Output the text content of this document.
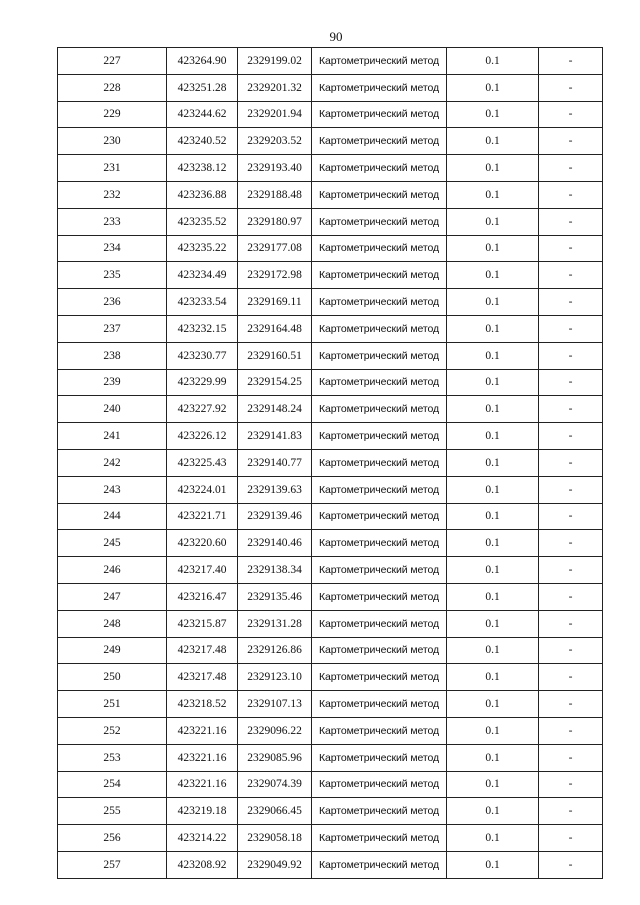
90
227	423264.90	2329199.02	Картометрический метод	0.1	-
228	423251.28	2329201.32	Картометрический метод	0.1	-
229	423244.62	2329201.94	Картометрический метод	0.1	-
230	423240.52	2329203.52	Картометрический метод	0.1	-
231	423238.12	2329193.40	Картометрический метод	0.1	-
232	423236.88	2329188.48	Картометрический метод	0.1	-
233	423235.52	2329180.97	Картометрический метод	0.1	-
234	423235.22	2329177.08	Картометрический метод	0.1	-
235	423234.49	2329172.98	Картометрический метод	0.1	-
236	423233.54	2329169.11	Картометрический метод	0.1	-
237	423232.15	2329164.48	Картометрический метод	0.1	-
238	423230.77	2329160.51	Картометрический метод	0.1	-
239	423229.99	2329154.25	Картометрический метод	0.1	-
240	423227.92	2329148.24	Картометрический метод	0.1	-
241	423226.12	2329141.83	Картометрический метод	0.1	-
242	423225.43	2329140.77	Картометрический метод	0.1	-
243	423224.01	2329139.63	Картометрический метод	0.1	-
244	423221.71	2329139.46	Картометрический метод	0.1	-
245	423220.60	2329140.46	Картометрический метод	0.1	-
246	423217.40	2329138.34	Картометрический метод	0.1	-
247	423216.47	2329135.46	Картометрический метод	0.1	-
248	423215.87	2329131.28	Картометрический метод	0.1	-
249	423217.48	2329126.86	Картометрический метод	0.1	-
250	423217.48	2329123.10	Картометрический метод	0.1	-
251	423218.52	2329107.13	Картометрический метод	0.1	-
252	423221.16	2329096.22	Картометрический метод	0.1	-
253	423221.16	2329085.96	Картометрический метод	0.1	-
254	423221.16	2329074.39	Картометрический метод	0.1	-
255	423219.18	2329066.45	Картометрический метод	0.1	-
256	423214.22	2329058.18	Картометрический метод	0.1	-
257	423208.92	2329049.92	Картометрический метод	0.1	-
